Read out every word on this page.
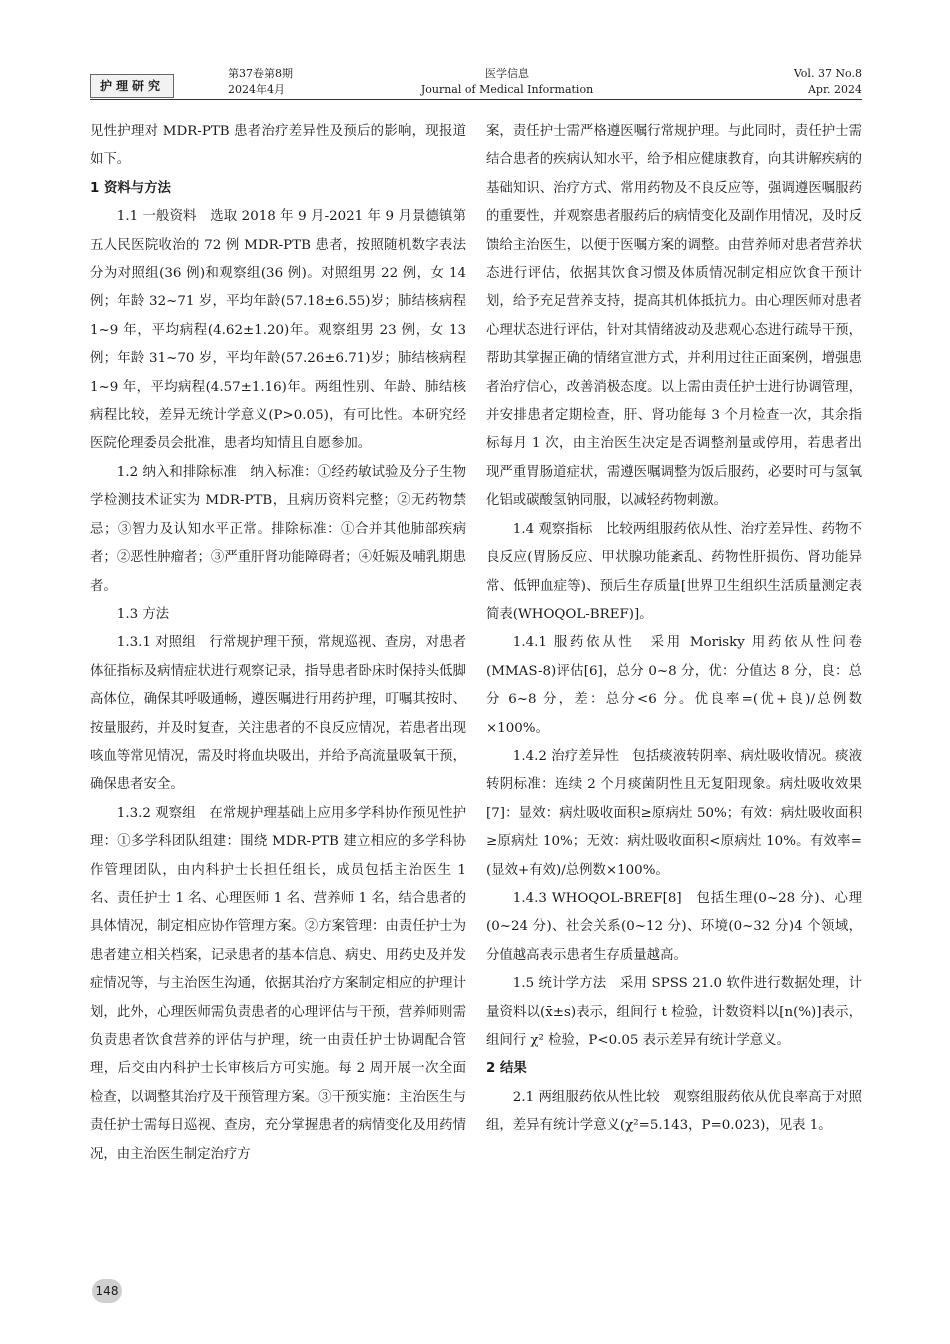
护理研究
第37卷第8期
2024年4月
医学信息
Journal of Medical Information
Vol. 37 No.8
Apr. 2024

见性护理对 MDR-PTB 患者治疗差异性及预后的影响，现报道如下。

1 资料与方法

1.1 一般资料　选取 2018 年 9 月-2021 年 9 月景德镇第五人民医院收治的 72 例 MDR-PTB 患者，按照随机数字表法分为对照组(36 例)和观察组(36 例)。对照组男 22 例，女 14 例；年龄 32~71 岁，平均年龄(57.18±6.55)岁；肺结核病程 1~9 年，平均病程(4.62±1.20)年。观察组男 23 例，女 13 例；年龄 31~70 岁，平均年龄(57.26±6.71)岁；肺结核病程 1~9 年，平均病程(4.57±1.16)年。两组性别、年龄、肺结核病程比较，差异无统计学意义(P>0.05)，有可比性。本研究经医院伦理委员会批准，患者均知情且自愿参加。

1.2 纳入和排除标准　纳入标准：①经药敏试验及分子生物学检测技术证实为 MDR-PTB，且病历资料完整；②无药物禁忌；③智力及认知水平正常。排除标准：①合并其他肺部疾病者；②恶性肿瘤者；③严重肝肾功能障碍者；④妊娠及哺乳期患者。

1.3 方法

1.3.1 对照组　行常规护理干预，常规巡视、查房，对患者体征指标及病情症状进行观察记录，指导患者卧床时保持头低脚高体位，确保其呼吸通畅，遵医嘱进行用药护理，叮嘱其按时、按量服药，并及时复查，关注患者的不良反应情况，若患者出现咳血等常见情况，需及时将血块吸出，并给予高流量吸氧干预，确保患者安全。

1.3.2 观察组　在常规护理基础上应用多学科协作预见性护理：①多学科团队组建：围绕 MDR-PTB 建立相应的多学科协作管理团队，由内科护士长担任组长，成员包括主治医生 1 名、责任护士 1 名、心理医师 1 名、营养师 1 名，结合患者的具体情况，制定相应协作管理方案。②方案管理：由责任护士为患者建立相关档案，记录患者的基本信息、病史、用药史及并发症情况等，与主治医生沟通，依据其治疗方案制定相应的护理计划，此外，心理医师需负责患者的心理评估与干预，营养师则需负责患者饮食营养的评估与护理，统一由责任护士协调配合管理，后交由内科护士长审核后方可实施。每 2 周开展一次全面检查，以调整其治疗及干预管理方案。③干预实施：主治医生与责任护士需每日巡视、查房，充分掌握患者的病情变化及用药情况，由主治医生制定治疗方

案，责任护士需严格遵医嘱行常规护理。与此同时，责任护士需结合患者的疾病认知水平，给予相应健康教育，向其讲解疾病的基础知识、治疗方式、常用药物及不良反应等，强调遵医嘱服药的重要性，并观察患者服药后的病情变化及副作用情况，及时反馈给主治医生，以便于医嘱方案的调整。由营养师对患者营养状态进行评估，依据其饮食习惯及体质情况制定相应饮食干预计划，给予充足营养支持，提高其机体抵抗力。由心理医师对患者心理状态进行评估，针对其情绪波动及悲观心态进行疏导干预，帮助其掌握正确的情绪宣泄方式，并利用过往正面案例，增强患者治疗信心，改善消极态度。以上需由责任护士进行协调管理，并安排患者定期检查，肝、肾功能每 3 个月检查一次，其余指标每月 1 次，由主治医生决定是否调整剂量或停用，若患者出现严重胃肠道症状，需遵医嘱调整为饭后服药，必要时可与氢氧化铝或碳酸氢钠同服，以减轻药物刺激。

1.4 观察指标　比较两组服药依从性、治疗差异性、药物不良反应(胃肠反应、甲状腺功能紊乱、药物性肝损伤、肾功能异常、低钾血症等)、预后生存质量[世界卫生组织生活质量测定表简表(WHOQOL-BREF)]。

1.4.1 服药依从性　采用 Morisky 用药依从性问卷(MMAS-8)评估[6]，总分 0~8 分，优：分值达 8 分，良：总分 6~8 分，差：总分<6 分。优良率=(优+良)/总例数×100%。

1.4.2 治疗差异性　包括痰液转阴率、病灶吸收情况。痰液转阴标准：连续 2 个月痰菌阴性且无复阳现象。病灶吸收效果[7]：显效：病灶吸收面积≥原病灶 50%；有效：病灶吸收面积≥原病灶 10%；无效：病灶吸收面积<原病灶 10%。有效率=(显效+有效)/总例数×100%。

1.4.3 WHOQOL-BREF[8]　包括生理(0~28 分)、心理(0~24 分)、社会关系(0~12 分)、环境(0~32 分)4 个领域，分值越高表示患者生存质量越高。

1.5 统计学方法　采用 SPSS 21.0 软件进行数据处理，计量资料以(x̄±s)表示，组间行 t 检验，计数资料以[n(%)]表示，组间行 χ² 检验，P<0.05 表示差异有统计学意义。

2 结果

2.1 两组服药依从性比较　观察组服药依从优良率高于对照组，差异有统计学意义(χ²=5.143，P=0.023)，见表 1。

148
